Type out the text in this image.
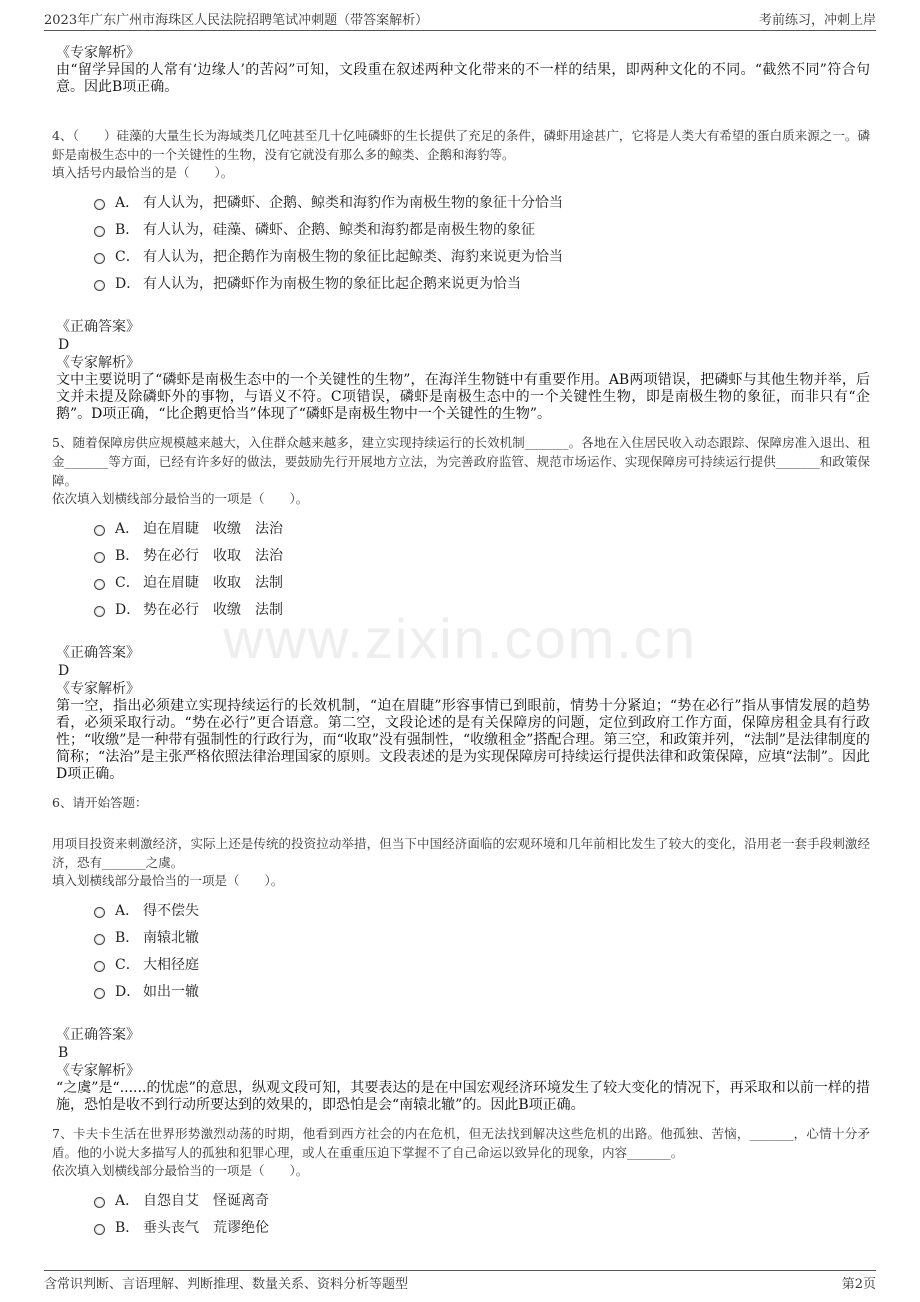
2023年广东广州市海珠区人民法院招聘笔试冲刺题（带答案解析）	考前练习，冲刺上岸
www.zixin.com.cn
《专家解析》
由“留学异国的人常有‘边缘人’的苦闷”可知，文段重在叙述两种文化带来的不一样的结果，即两种文化的不同。“截然不同”符合句意。因此B项正确。
4、（　　）硅藻的大量生长为海域类几亿吨甚至几十亿吨磷虾的生长提供了充足的条件，磷虾用途甚广，它将是人类大有希望的蛋白质来源之一。磷虾是南极生态中的一个关键性的生物，没有它就没有那么多的鲸类、企鹅和海豹等。
填入括号内最恰当的是（　　）。
A． 有人认为，把磷虾、企鹅、鲸类和海豹作为南极生物的象征十分恰当
B． 有人认为，硅藻、磷虾、企鹅、鲸类和海豹都是南极生物的象征
C． 有人认为，把企鹅作为南极生物的象征比起鲸类、海豹来说更为恰当
D． 有人认为，把磷虾作为南极生物的象征比起企鹅来说更为恰当
《正确答案》
D
《专家解析》
文中主要说明了“磷虾是南极生态中的一个关键性的生物”，在海洋生物链中有重要作用。AB两项错误，把磷虾与其他生物并举，后文并未提及除磷虾外的事物，与语义不符。C项错误，磷虾是南极生态中的一个关键性生物，即是南极生物的象征，而非只有“企鹅”。D项正确，“比企鹅更恰当”体现了“磷虾是南极生物中一个关键性的生物”。
5、随着保障房供应规模越来越大，入住群众越来越多，建立实现持续运行的长效机制_______。各地在入住居民收入动态跟踪、保障房准入退出、租金_______等方面，已经有许多好的做法，要鼓励先行开展地方立法，为完善政府监管、规范市场运作、实现保障房可持续运行提供_______和政策保障。
依次填入划横线部分最恰当的一项是（　　）。
A． 迫在眉睫　收缴　法治
B． 势在必行　收取　法治
C． 迫在眉睫　收取　法制
D． 势在必行　收缴　法制
《正确答案》
D
《专家解析》
第一空，指出必须建立实现持续运行的长效机制，“迫在眉睫”形容事情已到眼前，情势十分紧迫；“势在必行”指从事情发展的趋势看，必须采取行动。“势在必行”更合语意。第二空，文段论述的是有关保障房的问题，定位到政府工作方面，保障房租金具有行政性；“收缴”是一种带有强制性的行政行为，而“收取”没有强制性，“收缴租金”搭配合理。第三空，和政策并列，“法制”是法律制度的简称；“法治”是主张严格依照法律治理国家的原则。文段表述的是为实现保障房可持续运行提供法律和政策保障，应填“法制”。因此D项正确。
6、请开始答题：
用项目投资来刺激经济，实际上还是传统的投资拉动举措，但当下中国经济面临的宏观环境和几年前相比发生了较大的变化，沿用老一套手段刺激经济，恐有_______之虞。
填入划横线部分最恰当的一项是（　　）。
A． 得不偿失
B． 南辕北辙
C． 大相径庭
D． 如出一辙
《正确答案》
B
《专家解析》
“之虞”是“......的忧虑”的意思，纵观文段可知，其要表达的是在中国宏观经济环境发生了较大变化的情况下，再采取和以前一样的措施，恐怕是收不到行动所要达到的效果的，即恐怕是会“南辕北辙”的。因此B项正确。
7、卡夫卡生活在世界形势激烈动荡的时期，他看到西方社会的内在危机，但无法找到解决这些危机的出路。他孤独、苦恼，_______，心情十分矛盾。他的小说大多描写人的孤独和犯罪心理，或人在重重压迫下掌握不了自己命运以致异化的现象，内容_______。
依次填入划横线部分最恰当的一项是（　　）。
A． 自怨自艾　怪诞离奇
B． 垂头丧气　荒谬绝伦
含常识判断、言语理解、判断推理、数量关系、资料分析等题型	第2页
